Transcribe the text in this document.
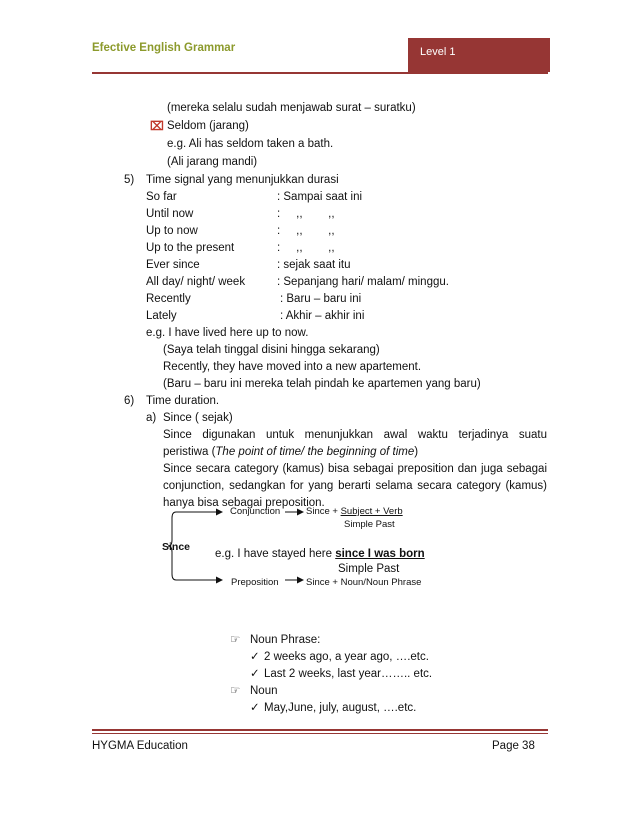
Efective English Grammar	Level 1
(mereka selalu sudah menjawab surat – suratku)
⌧ Seldom (jarang)
e.g. Ali has seldom taken a bath.
(Ali jarang mandi)
5) Time signal yang menunjukkan durasi
So far	: Sampai saat ini
Until now	:     ,,        ,,
Up to now	:     ,,        ,,
Up to the present	:     ,,        ,,
Ever since	: sejak saat itu
All day/ night/ week	: Sepanjang hari/ malam/ minggu.
Recently	: Baru – baru ini
Lately	: Akhir – akhir ini
e.g. I have lived here up to now.
(Saya telah tinggal disini hingga sekarang)
Recently, they have moved into a new apartement.
(Baru – baru ini mereka telah pindah ke apartemen yang baru)
6) Time duration.
a) Since ( sejak)
Since digunakan untuk menunjukkan awal waktu terjadinya suatu
peristiwa (The point of time/ the beginning of time)
Since secara category (kamus) bisa sebagai preposition dan juga sebagai
conjunction, sedangkan for yang berarti selama secara category (kamus)
hanya bisa sebagai preposition.
Conjunction	Since + Subject + Verb
Simple Past
Since
e.g. I have stayed here since I was born
Simple Past
Preposition	Since + Noun/Noun Phrase
☞ Noun Phrase:
✓ 2 weeks ago, a year ago, ….etc.
✓ Last 2 weeks, last year…….. etc.
☞ Noun
✓ May,June, july, august, ….etc.
HYGMA Education	Page 38
